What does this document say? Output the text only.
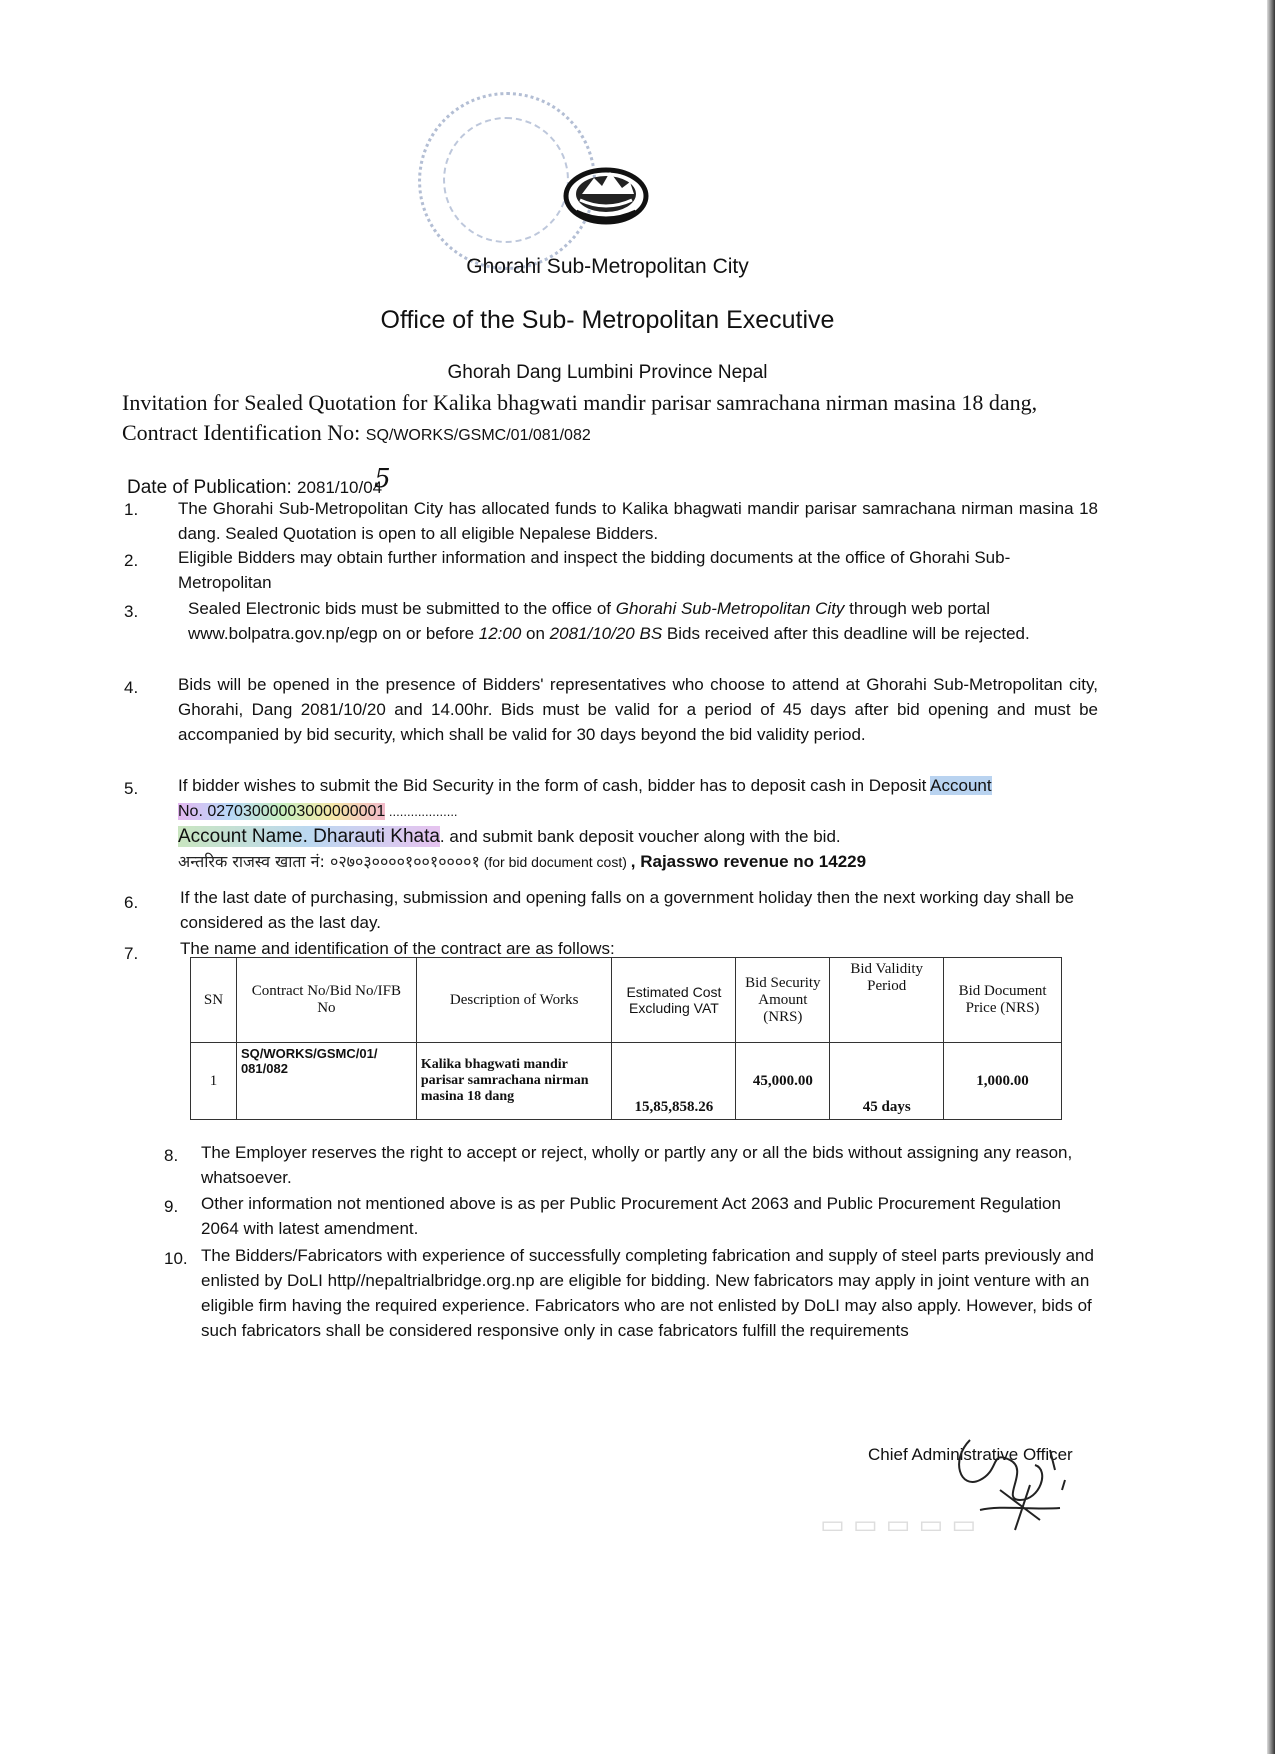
Ghorahi Sub-Metropolitan City
Office of the Sub- Metropolitan Executive
Ghorah Dang Lumbini Province Nepal
Invitation for Sealed Quotation for Kalika bhagwati mandir parisar samrachana nirman masina 18 dang, Contract Identification No: SQ/WORKS/GSMC/01/081/082
Date of Publication: 2081/10/045
1. The Ghorahi Sub-Metropolitan City has allocated funds to Kalika bhagwati mandir parisar samrachana nirman masina 18 dang. Sealed Quotation is open to all eligible Nepalese Bidders.
2. Eligible Bidders may obtain further information and inspect the bidding documents at the office of Ghorahi Sub-Metropolitan
3.	Sealed Electronic bids must be submitted to the office of Ghorahi Sub-Metropolitan City through web portal www.bolpatra.gov.np/egp on or before 12:00 on 2081/10/20 BS Bids received after this deadline will be rejected.
4. Bids will be opened in the presence of Bidders' representatives who choose to attend at Ghorahi Sub-Metropolitan city, Ghorahi, Dang 2081/10/20 and 14.00hr. Bids must be valid for a period of 45 days after bid opening and must be accompanied by bid security, which shall be valid for 30 days beyond the bid validity period.
5. If bidder wishes to submit the Bid Security in the form of cash, bidder has to deposit cash in Deposit Account
No. 02703000003000000001 ...................
Account Name. Dharauti Khata. and submit bank deposit voucher along with the bid.
अन्तरिक राजस्व खाता नं: ०२७०३००००१००१००००१ (for bid document cost) , Rajasswo revenue no 14229
6. If the last date of purchasing, submission and opening falls on a government holiday then the next working day shall be considered as the last day.
7. The name and identification of the contract are as follows:
SN	Contract No/Bid No/IFB No	Description of Works	Estimated Cost Excluding VAT	Bid Security Amount (NRS)	Bid Validity Period	Bid Document Price (NRS)
1	SQ/WORKS/GSMC/01/ 081/082	Kalika bhagwati mandir parisar samrachana nirman masina 18 dang	15,85,858.26	45,000.00	45 days	1,000.00
8. The Employer reserves the right to accept or reject, wholly or partly any or all the bids without assigning any reason, whatsoever.
9. Other information not mentioned above is as per Public Procurement Act 2063 and Public Procurement Regulation 2064 with latest amendment.
10. The Bidders/Fabricators with experience of successfully completing fabrication and supply of steel parts previously and enlisted by DoLI http//nepaltrialbridge.org.np are eligible for bidding. New fabricators may apply in joint venture with an eligible firm having the required experience. Fabricators who are not enlisted by DoLI may also apply. However, bids of such fabricators shall be considered responsive only in case fabricators fulfill the requirements
Chief Administrative Officer
▭ ▭ ▭ ▭ ▭
